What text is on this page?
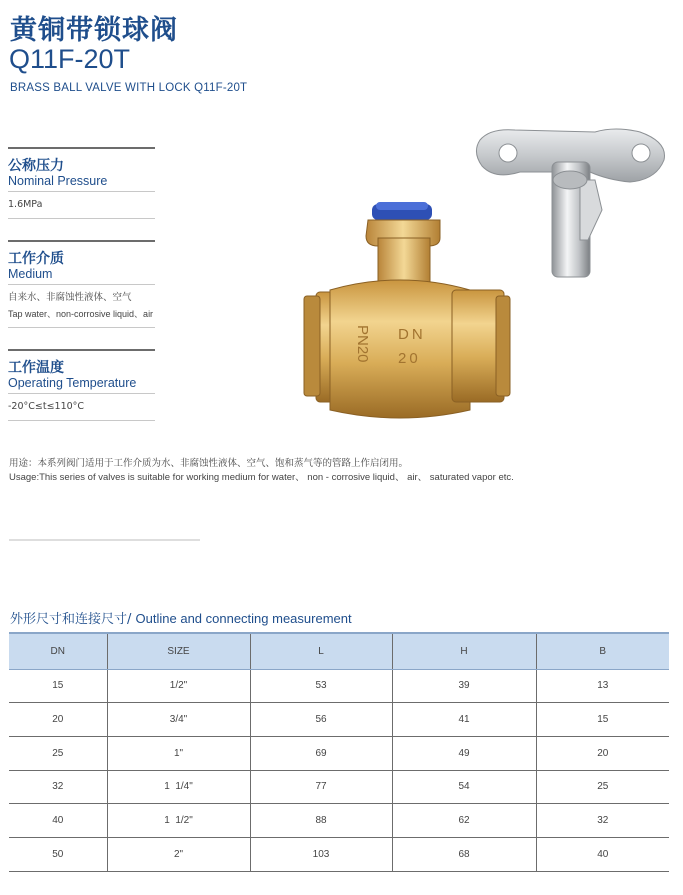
黄铜带锁球阀
Q11F-20T
BRASS BALL VALVE WITH LOCK Q11F-20T
公称压力
Nominal Pressure
1.6MPa
工作介质
Medium
自来水、非腐蚀性液体、空气
Tap water、non-corrosive liquid、air
工作温度
Operating Temperature
-20°C≤t≤110°C
PN20 DN
20
用途：本系列阀门适用于工作介质为水、非腐蚀性液体、空气、饱和蒸气等的管路上作启闭用。
Usage:This series of valves is suitable for working medium for water、 non - corrosive liquid、 air、 saturated vapor etc.
外形尺寸和连接尺寸/ Outline and connecting measurement
DN	SIZE	L	H	B
15	1/2"	53	39	13
20	3/4"	56	41	15
25	1"	69	49	20
32	1  1/4"	77	54	25
40	1  1/2"	88	62	32
50	2"	103	68	40
